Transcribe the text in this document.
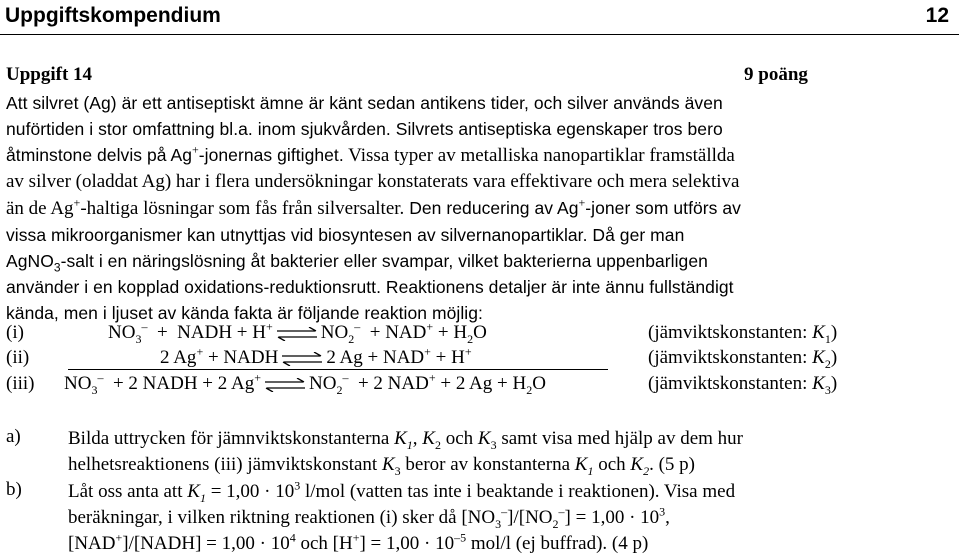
Uppgiftskompendium	12
Uppgift 14	9 poäng
Att silvret (Ag) är ett antiseptiskt ämne är känt sedan antikens tider, och silver används även
nuförtiden i stor omfattning bl.a. inom sjukvården. Silvrets antiseptiska egenskaper tros bero
åtminstone delvis på Ag+-jonernas giftighet. Vissa typer av metalliska nanopartiklar framställda
av silver (oladdat Ag) har i flera undersökningar konstaterats vara effektivare och mera selektiva
än de Ag+-haltiga lösningar som fås från silversalter. Den reducering av Ag+-joner som utförs av
vissa mikroorganismer kan utnyttjas vid biosyntesen av silvernanopartiklar. Då ger man
AgNO$_3$-salt i en näringslösning åt bakterier eller svampar, vilket bakterierna uppenbarligen
använder i en kopplad oxidations-reduktionsrutt. Reaktionens detaljer är inte ännu fullständigt
kända, men i ljuset av kända fakta är följande reaktion möjlig:
(i)	$NO_3^-$  +  NADH + H+ ⇌ $NO_2^- + NAD^+ + H_2O$	(jämviktskonstanten: $K_1$)
(ii)	2 Ag+ + NADH ⇌ 2 Ag + NAD+ + H+	(jämviktskonstanten: $K_2$)
(iii) $NO_3^- + 2$ NADH + 2 Ag+ ⇌ $NO_2^- + 2$ NAD+ + 2 $Ag + H_2O$	(jämviktskonstanten: $K_3$)
a) Bilda uttrycken för jämnviktskonstanterna $K_1$, $K_2$ och $K_3$ samt visa med hjälp av dem hur
helhetsreaktionens (iii) jämviktskonstant $K_3$ beror av konstanterna $K_1$ och $K_2$. (5 p)
b) Låt oss anta att $K_1 = 1,00 \cdot 10^3$ l/mol (vatten tas inte i beaktande i reaktionen). Visa med
beräkningar, i vilken riktning reaktionen (i) sker då $[NO_3^-]/[NO_2^-] = 1,00 \cdot 10^3$,
[NAD+]/[NADH] = $1,00 \cdot 10^4$ och $[H^+] = 1,00 \cdot 10^{-5}$ mol/l (ej buffrad). (4 p)
